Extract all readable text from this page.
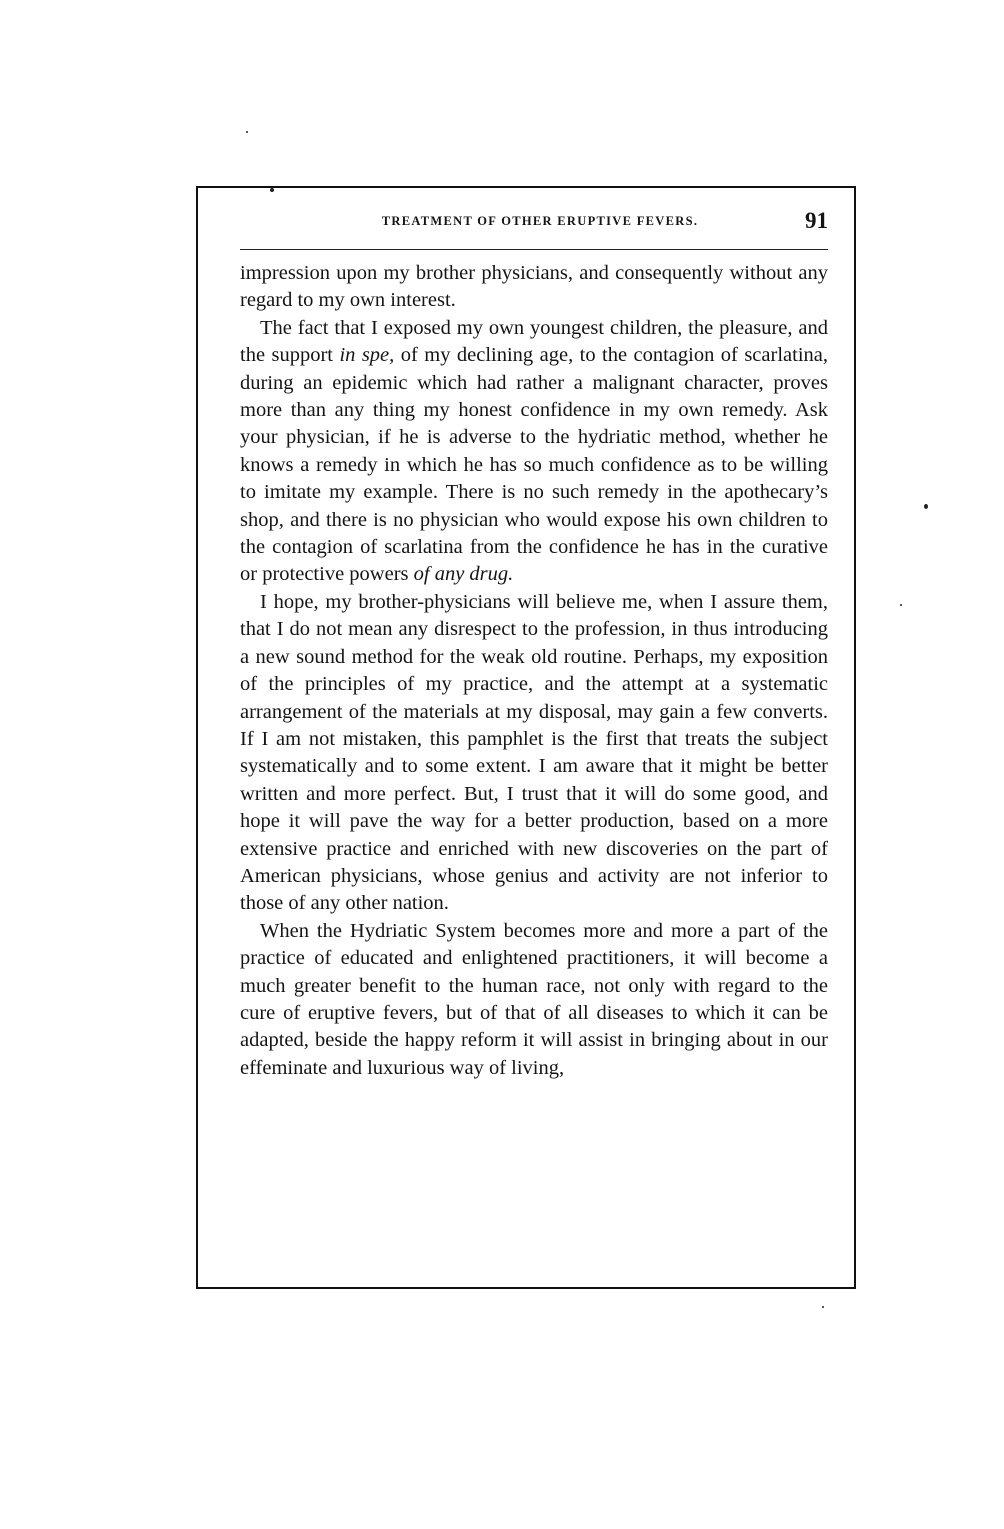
TREATMENT OF OTHER ERUPTIVE FEVERS.	91

impression upon my brother physicians, and consequently without any regard to my own interest.

The fact that I exposed my own youngest children, the pleasure, and the support in spe, of my declining age, to the contagion of scarlatina, during an epidemic which had rather a malignant character, proves more than any thing my honest confidence in my own remedy. Ask your physician, if he is adverse to the hydriatic method, whether he knows a remedy in which he has so much confidence as to be willing to imitate my example. There is no such remedy in the apothecary’s shop, and there is no physician who would expose his own children to the contagion of scarlatina from the confidence he has in the curative or protective powers of any drug.

I hope, my brother-physicians will believe me, when I assure them, that I do not mean any disrespect to the profession, in thus introducing a new sound method for the weak old routine. Perhaps, my exposition of the principles of my practice, and the attempt at a systematic arrangement of the materials at my disposal, may gain a few converts. If I am not mistaken, this pamphlet is the first that treats the subject systematically and to some extent. I am aware that it might be better written and more perfect. But, I trust that it will do some good, and hope it will pave the way for a better production, based on a more extensive practice and enriched with new discoveries on the part of American physicians, whose genius and activity are not inferior to those of any other nation.

When the Hydriatic System becomes more and more a part of the practice of educated and enlightened practitioners, it will become a much greater benefit to the human race, not only with regard to the cure of eruptive fevers, but of that of all diseases to which it can be adapted, beside the happy reform it will assist in bringing about in our effeminate and luxurious way of living,
